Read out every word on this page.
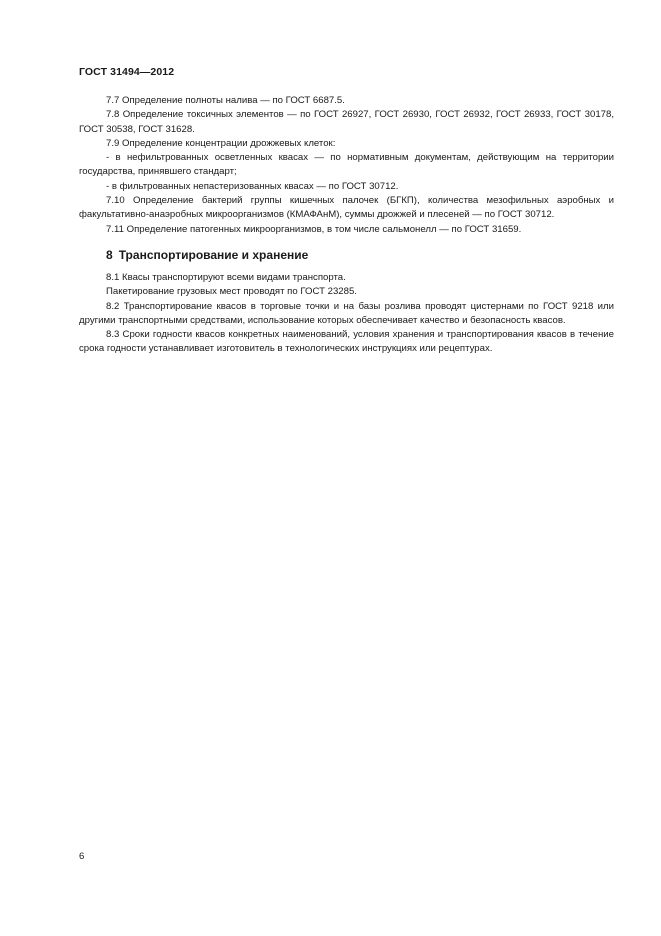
ГОСТ 31494—2012

7.7 Определение полноты налива — по ГОСТ 6687.5.

7.8 Определение токсичных элементов — по ГОСТ 26927, ГОСТ 26930, ГОСТ 26932, ГОСТ 26933, ГОСТ 30178, ГОСТ 30538, ГОСТ 31628.

7.9 Определение концентрации дрожжевых клеток:

- в нефильтрованных осветленных квасах — по нормативным документам, действующим на территории государства, принявшего стандарт;

- в фильтрованных непастеризованных квасах — по ГОСТ 30712.

7.10 Определение бактерий группы кишечных палочек (БГКП), количества мезофильных аэробных и факультативно-анаэробных микроорганизмов (КМАФАнМ), суммы дрожжей и плесеней — по ГОСТ 30712.

7.11 Определение патогенных микроорганизмов, в том числе сальмонелл — по ГОСТ 31659.

8 Транспортирование и хранение

8.1 Квасы транспортируют всеми видами транспорта.

Пакетирование грузовых мест проводят по ГОСТ 23285.

8.2 Транспортирование квасов в торговые точки и на базы розлива проводят цистернами по ГОСТ 9218 или другими транспортными средствами, использование которых обеспечивает качество и безопасность квасов.

8.3 Сроки годности квасов конкретных наименований, условия хранения и транспортирования квасов в течение срока годности устанавливает изготовитель в технологических инструкциях или рецептурах.

6
